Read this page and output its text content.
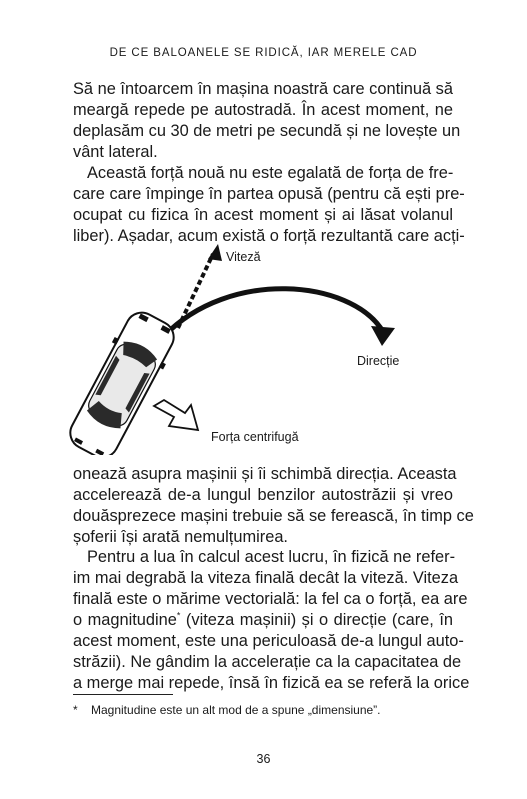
DE CE BALOANELE SE RIDICĂ, IAR MERELE CAD

Să ne întoarcem în mașina noastră care continuă să
meargă repede pe autostradă. În acest moment, ne
deplasăm cu 30 de metri pe secundă și ne lovește un
vânt lateral.

Această forță nouă nu este egalată de forța de fre-
care care împinge în partea opusă (pentru că ești pre-
ocupat cu fizica în acest moment și ai lăsat volanul
liber). Așadar, acum există o forță rezultantă care acți-

Viteză
Direcție
Forța centrifugă

onează asupra mașinii și îi schimbă direcția. Aceasta
accelerează de-a lungul benzilor autostrăzii și vreo
douăsprezece mașini trebuie să se ferească, în timp ce
șoferii își arată nemulțumirea.

Pentru a lua în calcul acest lucru, în fizică ne refer-
im mai degrabă la viteza finală decât la viteză. Viteza
finală este o mărime vectorială: la fel ca o forță, ea are
o magnitudine* (viteza mașinii) și o direcție (care, în
acest moment, este una periculoasă de-a lungul auto-
străzii). Ne gândim la accelerație ca la capacitatea de
a merge mai repede, însă în fizică ea se referă la orice

* Magnitudine este un alt mod de a spune „dimensiune”.
36
